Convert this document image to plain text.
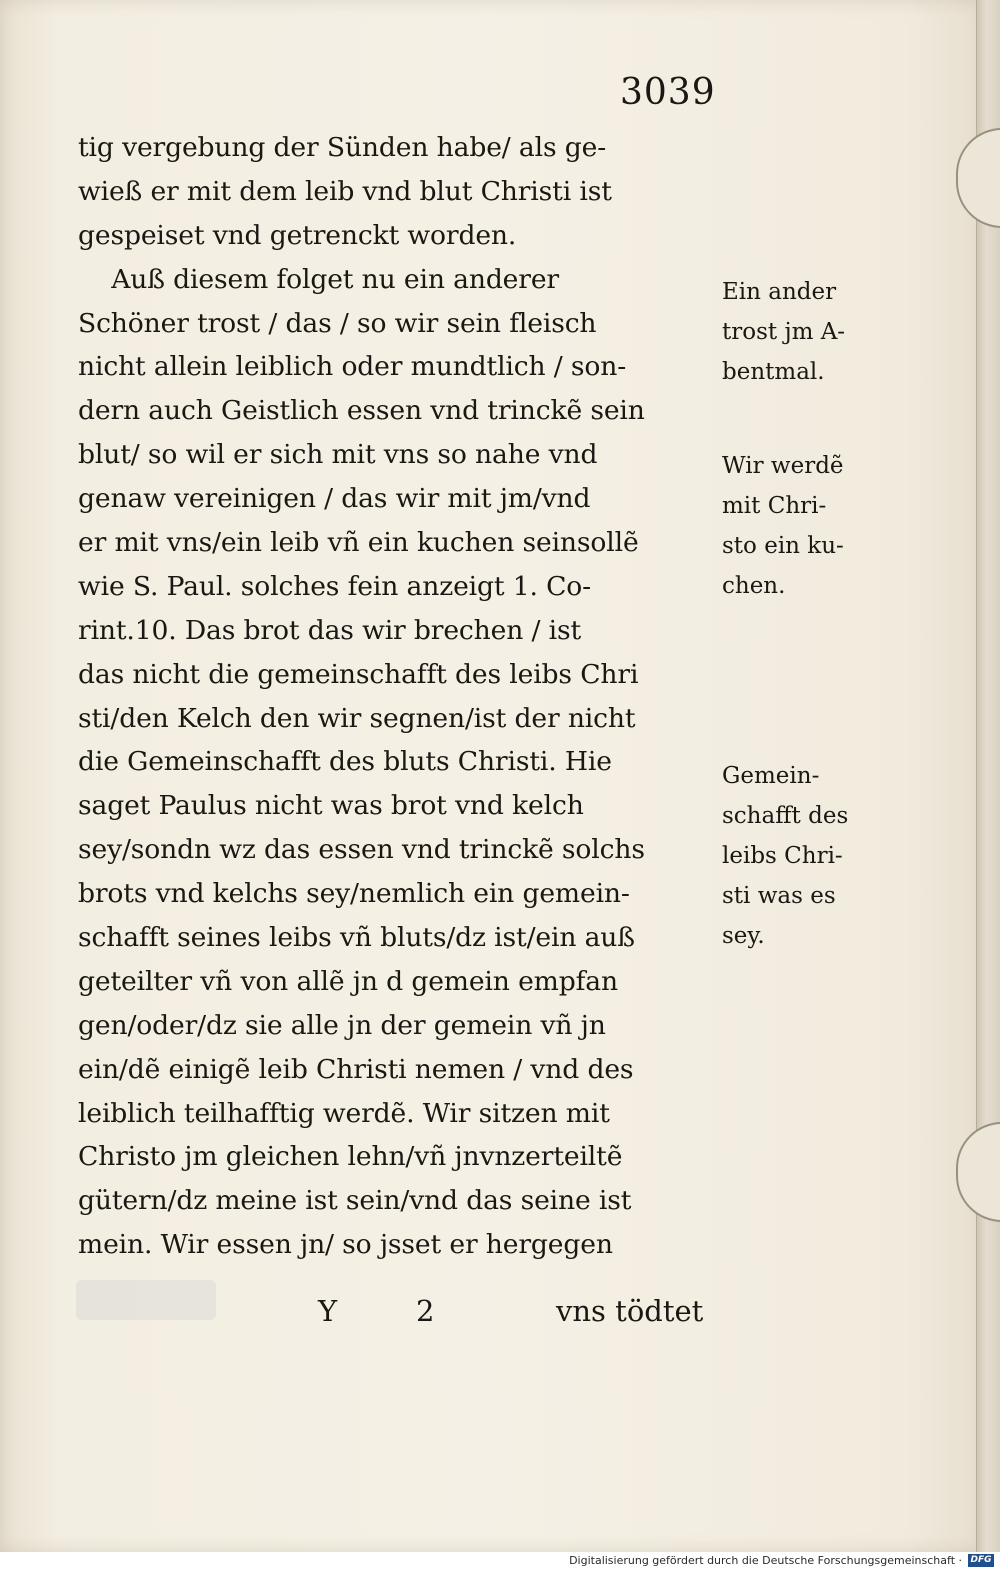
3039
tig vergebung der Sünden habe/ als ge-
wieß er mit dem leib vnd blut Christi ist
gespeiset vnd getrenckt worden.
Auß diesem folget nu ein anderer
Schöner trost / das / so wir sein fleisch
nicht allein leiblich oder mundtlich / son-
dern auch Geistlich essen vnd trinckẽ sein
blut/ so wil er sich mit vns so nahe vnd
genaw vereinigen / das wir mit jm/vnd
er mit vns/ein leib vñ ein kuchen seinsollẽ
wie S. Paul. solches fein anzeigt 1. Co-
rint.10. Das brot das wir brechen / ist
das nicht die gemeinschafft des leibs Chri
sti/den Kelch den wir segnen/ist der nicht
die Gemeinschafft des bluts Christi. Hie
saget Paulus nicht was brot vnd kelch
sey/sondn wz das essen vnd trinckẽ solchs
brots vnd kelchs sey/nemlich ein gemein-
schafft seines leibs vñ bluts/dz ist/ein auß
geteilter vñ von allẽ jn d gemein empfan
gen/oder/dz sie alle jn der gemein vñ jn
ein/dẽ einigẽ leib Christi nemen / vnd des
leiblich teilhafftig werdẽ. Wir sitzen mit
Christo jm gleichen lehn/vñ jnvnzerteiltẽ
gütern/dz meine ist sein/vnd das seine ist
mein. Wir essen jn/ so jsset er hergegen
Ein ander
trost jm A-
bentmal.
Wir werdẽ
mit Chri-
sto ein ku-
chen.
Gemein-
schafft des
leibs Chri-
sti was es
sey.
Y	2	vns tödtet
Digitalisierung gefördert durch die Deutsche Forschungsgemeinschaft · DFG
